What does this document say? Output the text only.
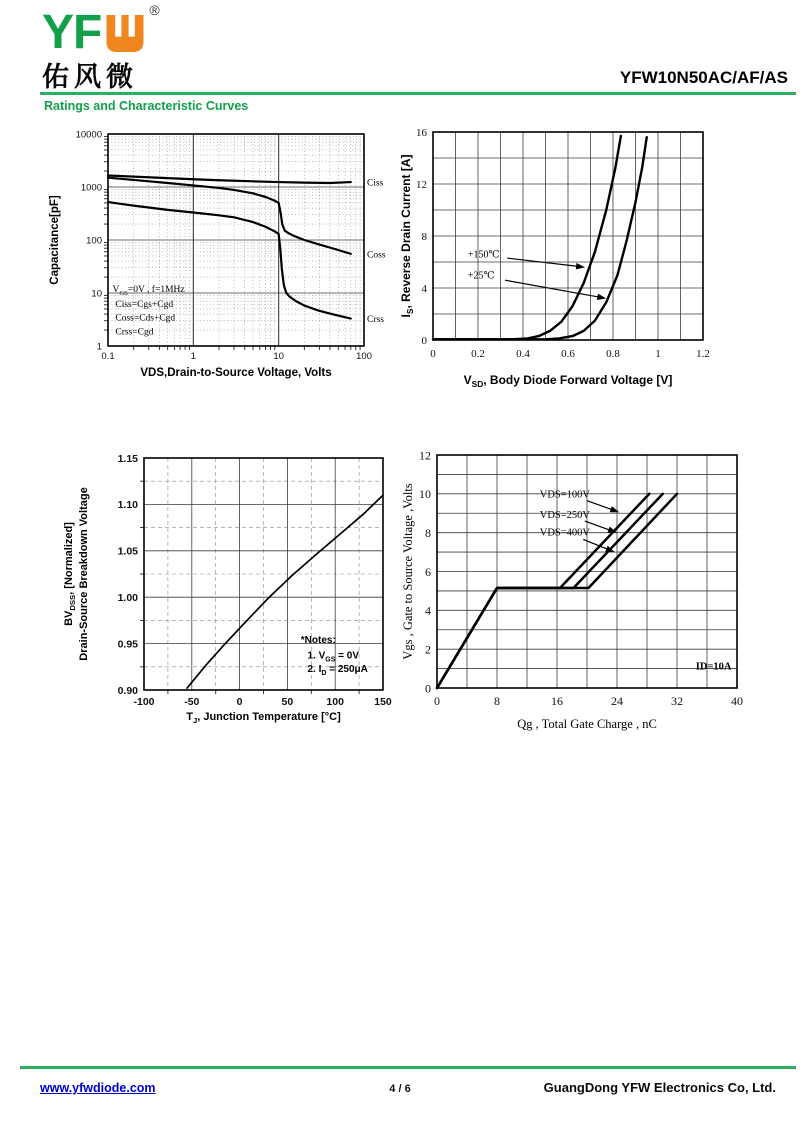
YF	®
佑风微	YFW10N50AC/AF/AS
Ratings and Characteristic Curves
Ciss
Coss
Crss
0.1	1	10	100
1
10
100
1000
10000
VDS,Drain-to-Source Voltage, Volts
Capacitance[pF]
$V_{GS}=0V$ , f=1MHz
Ciss=Cgs+Cgd
Coss=Cds+Cgd
Crss=Cgd
0	0.2	0.4	0.6	0.8	1	1.2
0
4
8
12
16
$V_{SD}$, Body Diode Forward Voltage [V]
$I_S$, Reverse Drain Current [A]	+150℃
+25℃
-100	-50	0	50	100	150
0.90
0.95
1.00
1.05
1.10
1.15
$T_J$, Junction Temperature [°C]
$BV_{DSS}$, [Normalized] Drain-Source Breakdown Voltage	*Notes:
1. $V_{GS} = 0V$
2. $I_D = 250\mu A$
0	8	16	24	32	40
0
2
4
6
8
10
12
Qg , Total Gate Charge , nC
Vgs , Gate to Source Voltage ,Volts	VDS=100V
VDS=250V
VDS=400V
ID=10A
www.yfwdiode.com	4 / 6	GuangDong YFW Electronics Co, Ltd.
